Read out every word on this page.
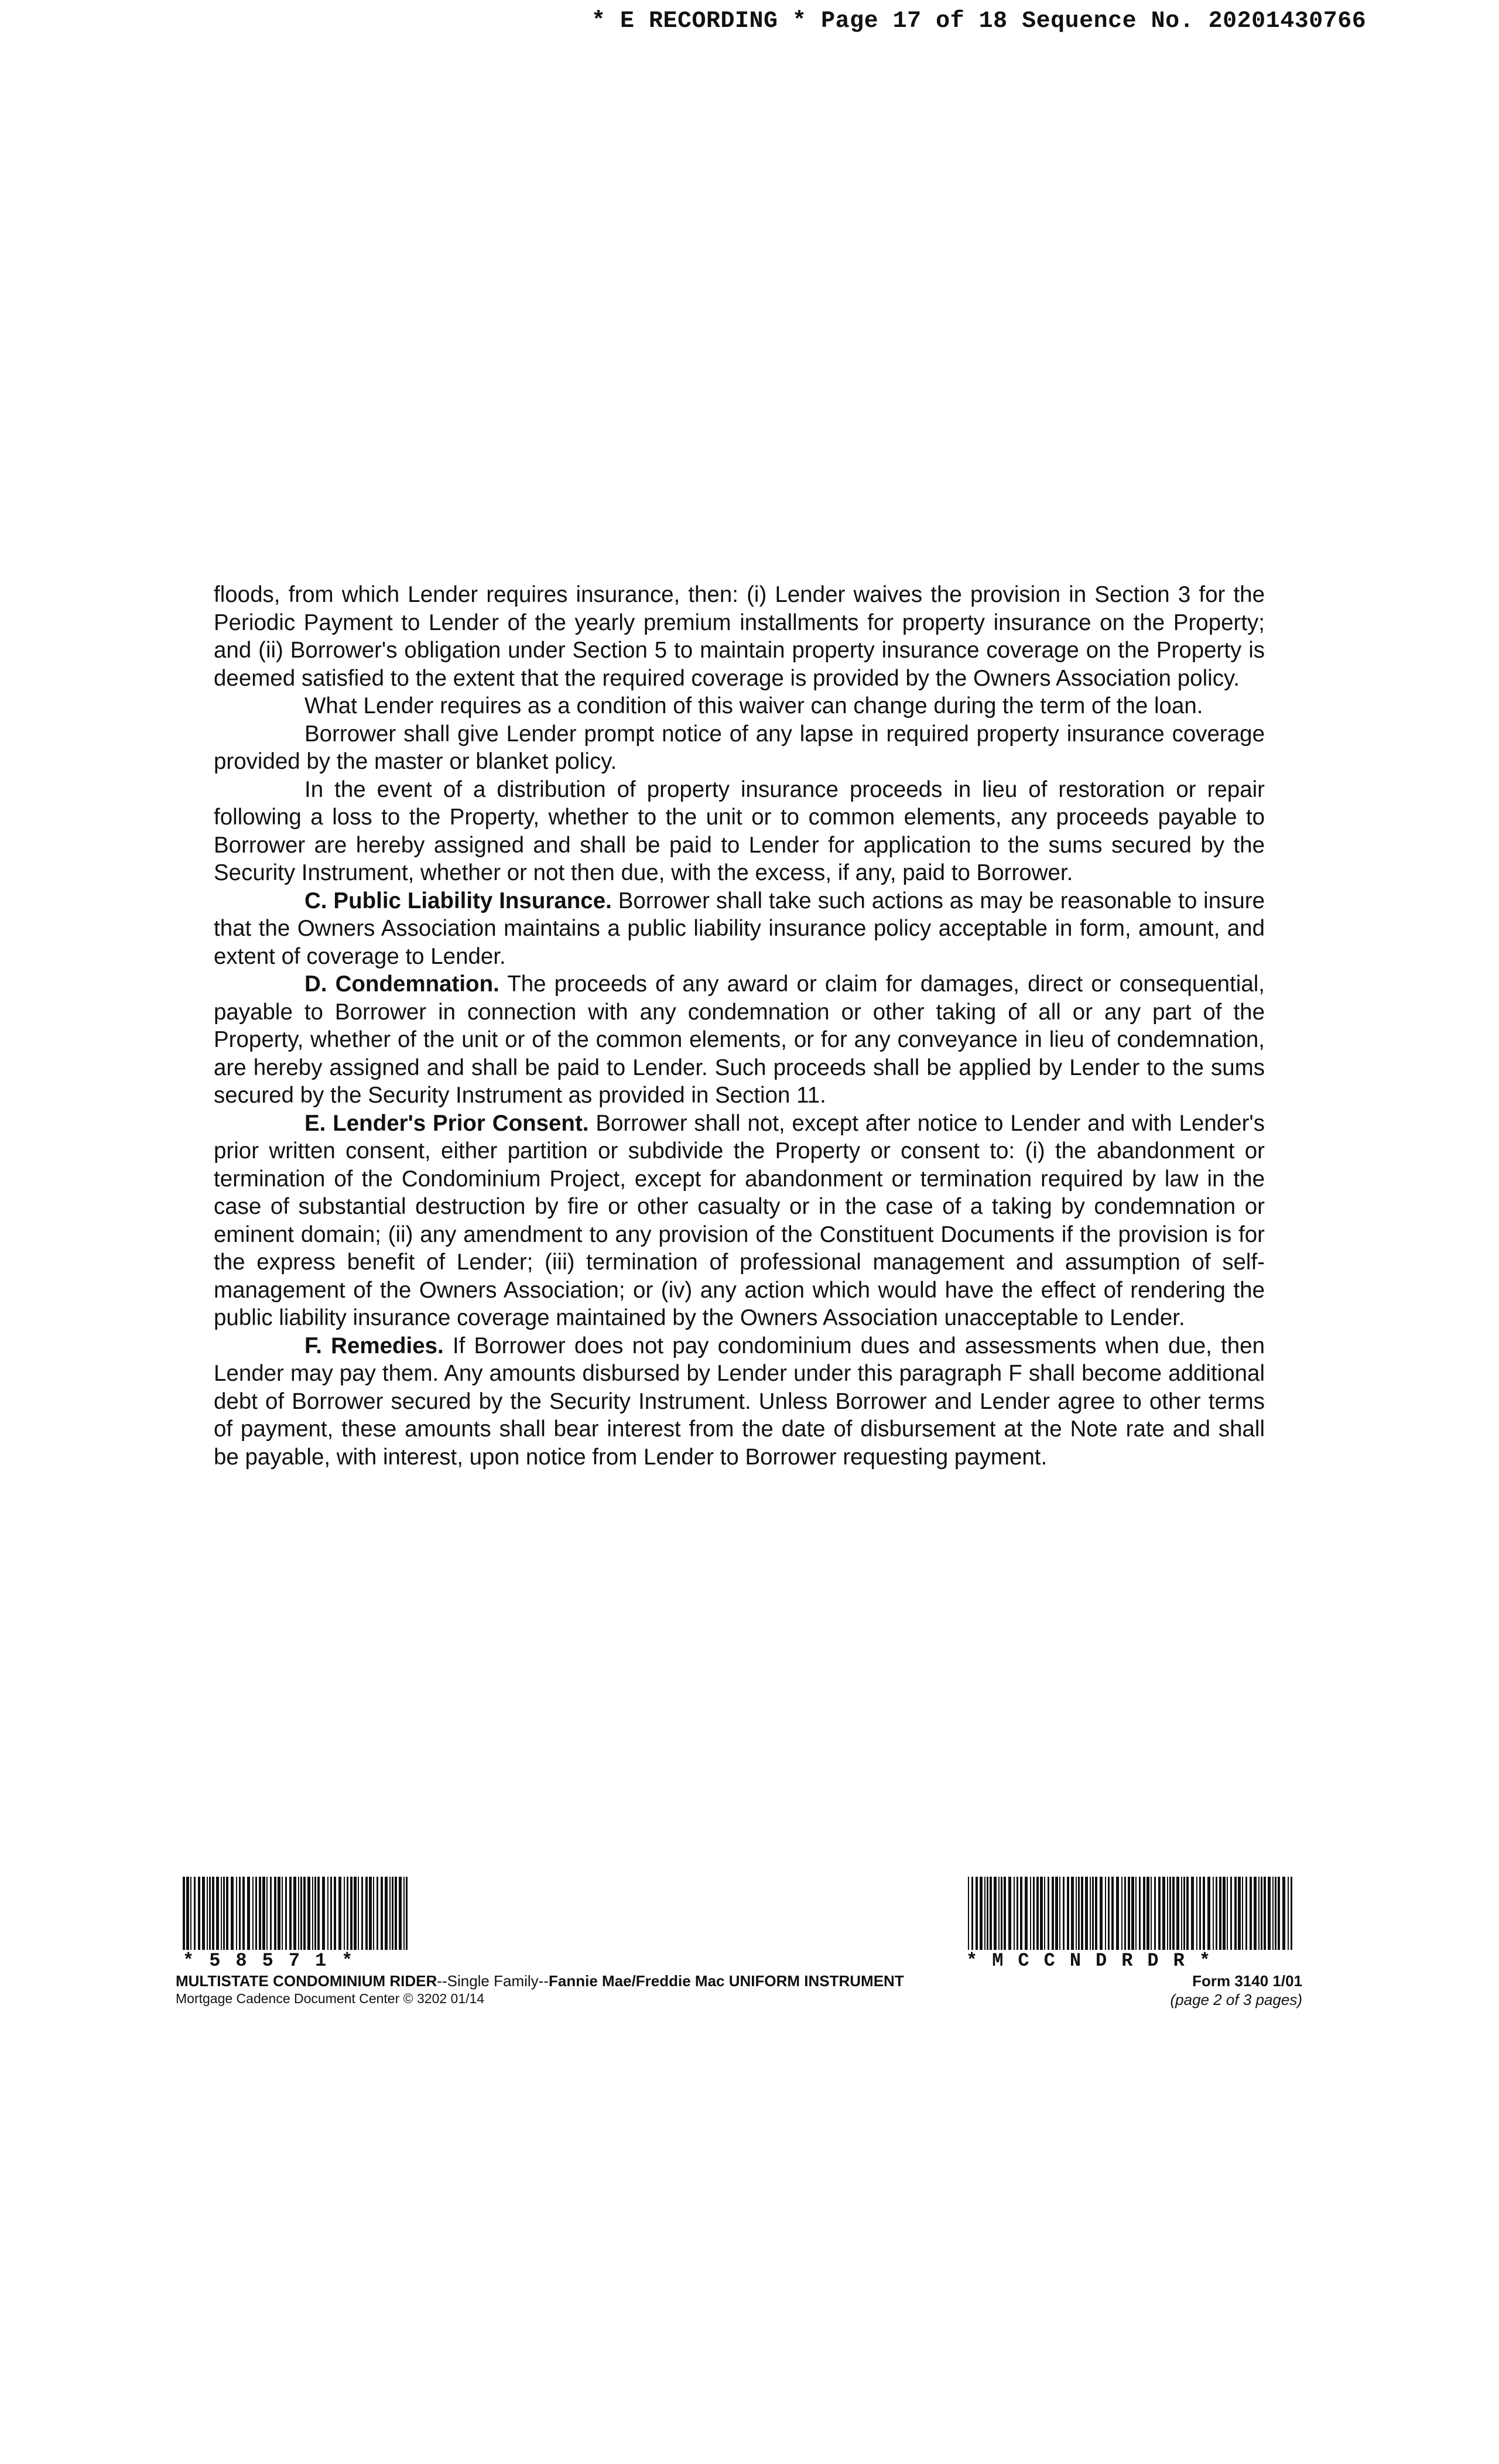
* E RECORDING * Page 17 of 18 Sequence No. 20201430766

floods, from which Lender requires insurance, then: (i) Lender waives the provision in Section 3 for the Periodic Payment to Lender of the yearly premium installments for property insurance on the Property; and (ii) Borrower's obligation under Section 5 to maintain property insurance coverage on the Property is deemed satisfied to the extent that the required coverage is provided by the Owners Association policy.

What Lender requires as a condition of this waiver can change during the term of the loan.

Borrower shall give Lender prompt notice of any lapse in required property insurance coverage provided by the master or blanket policy.

In the event of a distribution of property insurance proceeds in lieu of restoration or repair following a loss to the Property, whether to the unit or to common elements, any proceeds payable to Borrower are hereby assigned and shall be paid to Lender for application to the sums secured by the Security Instrument, whether or not then due, with the excess, if any, paid to Borrower.

C. Public Liability Insurance. Borrower shall take such actions as may be reasonable to insure that the Owners Association maintains a public liability insurance policy acceptable in form, amount, and extent of coverage to Lender.

D. Condemnation. The proceeds of any award or claim for damages, direct or consequential, payable to Borrower in connection with any condemnation or other taking of all or any part of the Property, whether of the unit or of the common elements, or for any conveyance in lieu of condemnation, are hereby assigned and shall be paid to Lender. Such proceeds shall be applied by Lender to the sums secured by the Security Instrument as provided in Section 11.

E. Lender's Prior Consent. Borrower shall not, except after notice to Lender and with Lender's prior written consent, either partition or subdivide the Property or consent to: (i) the abandonment or termination of the Condominium Project, except for abandonment or termination required by law in the case of substantial destruction by fire or other casualty or in the case of a taking by condemnation or eminent domain; (ii) any amendment to any provision of the Constituent Documents if the provision is for the express benefit of Lender; (iii) termination of professional management and assumption of self-management of the Owners Association; or (iv) any action which would have the effect of rendering the public liability insurance coverage maintained by the Owners Association unacceptable to Lender.

F. Remedies. If Borrower does not pay condominium dues and assessments when due, then Lender may pay them. Any amounts disbursed by Lender under this paragraph F shall become additional debt of Borrower secured by the Security Instrument. Unless Borrower and Lender agree to other terms of payment, these amounts shall bear interest from the date of disbursement at the Note rate and shall be payable, with interest, upon notice from Lender to Borrower requesting payment.

*58571*	*MCCNDRDR*
MULTISTATE CONDOMINIUM RIDER--Single Family--Fannie Mae/Freddie Mac UNIFORM INSTRUMENT
Mortgage Cadence Document Center © 3202 01/14
Form 3140 1/01
(page 2 of 3 pages)
